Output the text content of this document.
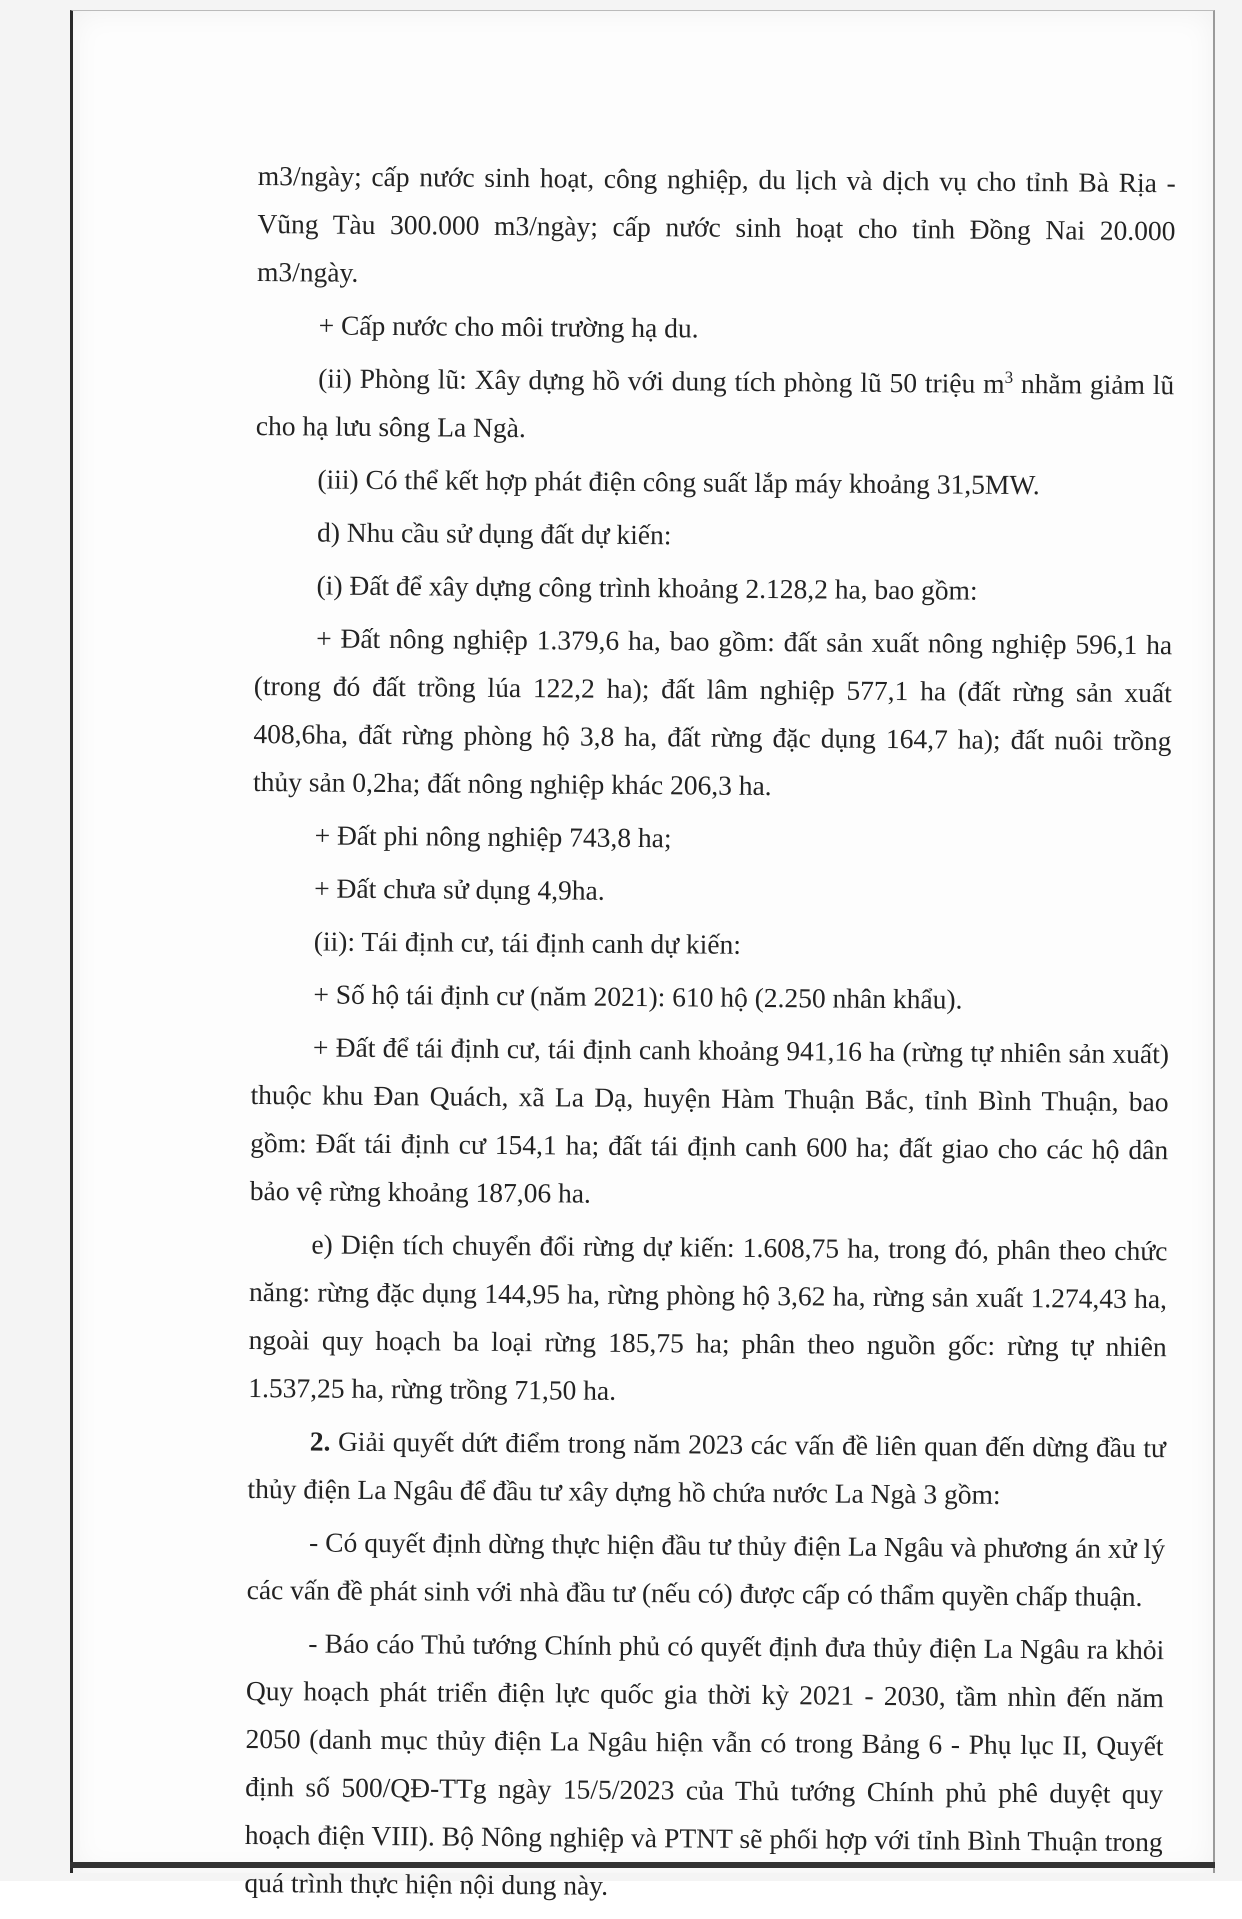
m3/ngày; cấp nước sinh hoạt, công nghiệp, du lịch và dịch vụ cho tỉnh Bà Rịa - Vũng Tàu 300.000 m3/ngày; cấp nước sinh hoạt cho tỉnh Đồng Nai 20.000 m3/ngày.

+ Cấp nước cho môi trường hạ du.

(ii) Phòng lũ: Xây dựng hồ với dung tích phòng lũ 50 triệu $m^3$ nhằm giảm lũ cho hạ lưu sông La Ngà.

(iii) Có thể kết hợp phát điện công suất lắp máy khoảng 31,5MW.

d) Nhu cầu sử dụng đất dự kiến:

(i) Đất để xây dựng công trình khoảng 2.128,2 ha, bao gồm:

+ Đất nông nghiệp 1.379,6 ha, bao gồm: đất sản xuất nông nghiệp 596,1 ha (trong đó đất trồng lúa 122,2 ha); đất lâm nghiệp 577,1 ha (đất rừng sản xuất 408,6ha, đất rừng phòng hộ 3,8 ha, đất rừng đặc dụng 164,7 ha); đất nuôi trồng thủy sản 0,2ha; đất nông nghiệp khác 206,3 ha.

+ Đất phi nông nghiệp 743,8 ha;

+ Đất chưa sử dụng 4,9ha.

(ii): Tái định cư, tái định canh dự kiến:

+ Số hộ tái định cư (năm 2021): 610 hộ (2.250 nhân khẩu).

+ Đất để tái định cư, tái định canh khoảng 941,16 ha (rừng tự nhiên sản xuất) thuộc khu Đan Quách, xã La Dạ, huyện Hàm Thuận Bắc, tỉnh Bình Thuận, bao gồm: Đất tái định cư 154,1 ha; đất tái định canh 600 ha; đất giao cho các hộ dân bảo vệ rừng khoảng 187,06 ha.

e) Diện tích chuyển đổi rừng dự kiến: 1.608,75 ha, trong đó, phân theo chức năng: rừng đặc dụng 144,95 ha, rừng phòng hộ 3,62 ha, rừng sản xuất 1.274,43 ha, ngoài quy hoạch ba loại rừng 185,75 ha; phân theo nguồn gốc: rừng tự nhiên 1.537,25 ha, rừng trồng 71,50 ha.

2. Giải quyết dứt điểm trong năm 2023 các vấn đề liên quan đến dừng đầu tư thủy điện La Ngâu để đầu tư xây dựng hồ chứa nước La Ngà 3 gồm:

- Có quyết định dừng thực hiện đầu tư thủy điện La Ngâu và phương án xử lý các vấn đề phát sinh với nhà đầu tư (nếu có) được cấp có thẩm quyền chấp thuận.

- Báo cáo Thủ tướng Chính phủ có quyết định đưa thủy điện La Ngâu ra khỏi Quy hoạch phát triển điện lực quốc gia thời kỳ 2021 - 2030, tầm nhìn đến năm 2050 (danh mục thủy điện La Ngâu hiện vẫn có trong Bảng 6 - Phụ lục II, Quyết định số 500/QĐ-TTg ngày 15/5/2023 của Thủ tướng Chính phủ phê duyệt quy hoạch điện VIII). Bộ Nông nghiệp và PTNT sẽ phối hợp với tỉnh Bình Thuận trong quá trình thực hiện nội dung này.
